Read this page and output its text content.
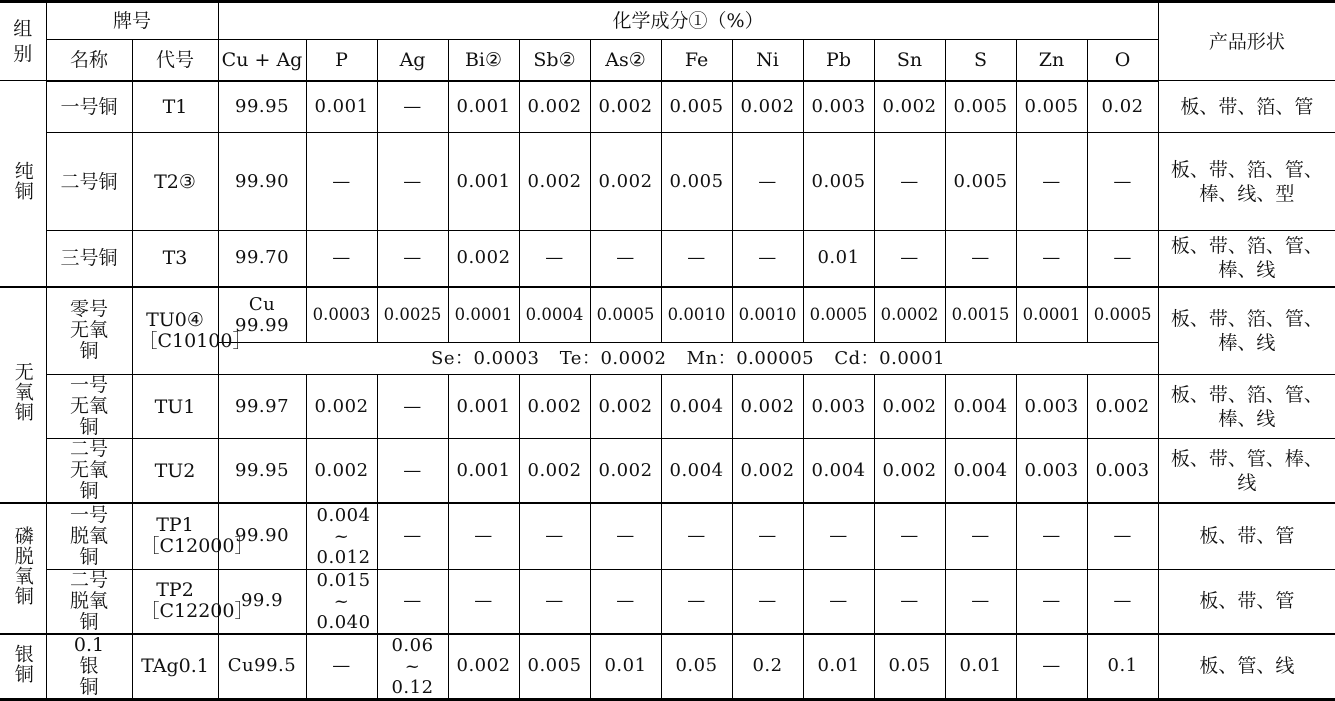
组别	牌号		化学成分①（%）													产品形状
	名称	代号	Cu + Ag	P	Ag	Bi②	Sb②	As②	Fe	Ni	Pb	Sn	S	Zn	O	
纯铜	一号铜	T1	99.95	0.001	—	0.001	0.002	0.002	0.005	0.002	0.003	0.002	0.005	0.005	0.02	板、带、箔、管
	二号铜	T2③	99.90	—	—	0.001	0.002	0.002	0.005	—	0.005	—	0.005	—	—	板、带、箔、管、棒、线、型
	三号铜	T3	99.70	—	—	0.002	—	—	—	—	0.01	—	—	—	—	板、带、箔、管、棒、线
无氧铜	零号无氧铜	TU0④［C10100］	Cu 99.99	0.0003	0.0025	0.0001	0.0004	0.0005	0.0010	0.0010	0.0005	0.0002	0.0015	0.0001	0.0005	板、带、箔、管、棒、线
			Se：0.0003 Te：0.0002 Mn：0.00005 Cd：0.0001													
	一号无氧铜	TU1	99.97	0.002	—	0.001	0.002	0.002	0.004	0.002	0.003	0.002	0.004	0.003	0.002	板、带、箔、管、棒、线
	二号无氧铜	TU2	99.95	0.002	—	0.001	0.002	0.002	0.004	0.002	0.004	0.002	0.004	0.003	0.003	板、带、管、棒、线
磷脱氧铜	一号脱氧铜	TP1［C12000］	99.90	0.004 ~ 0.012	—	—	—	—	—	—	—	—	—	—	—	板、带、管
	二号脱氧铜	TP2［C12200］	99.9	0.015 ~ 0.040	—	—	—	—	—	—	—	—	—	—	—	板、带、管
银铜	0.1 银铜	TAg0.1	Cu99.5	—	0.06 ~ 0.12	0.002	0.005	0.01	0.05	0.2	0.01	0.05	0.01	—	0.1	板、管、线
